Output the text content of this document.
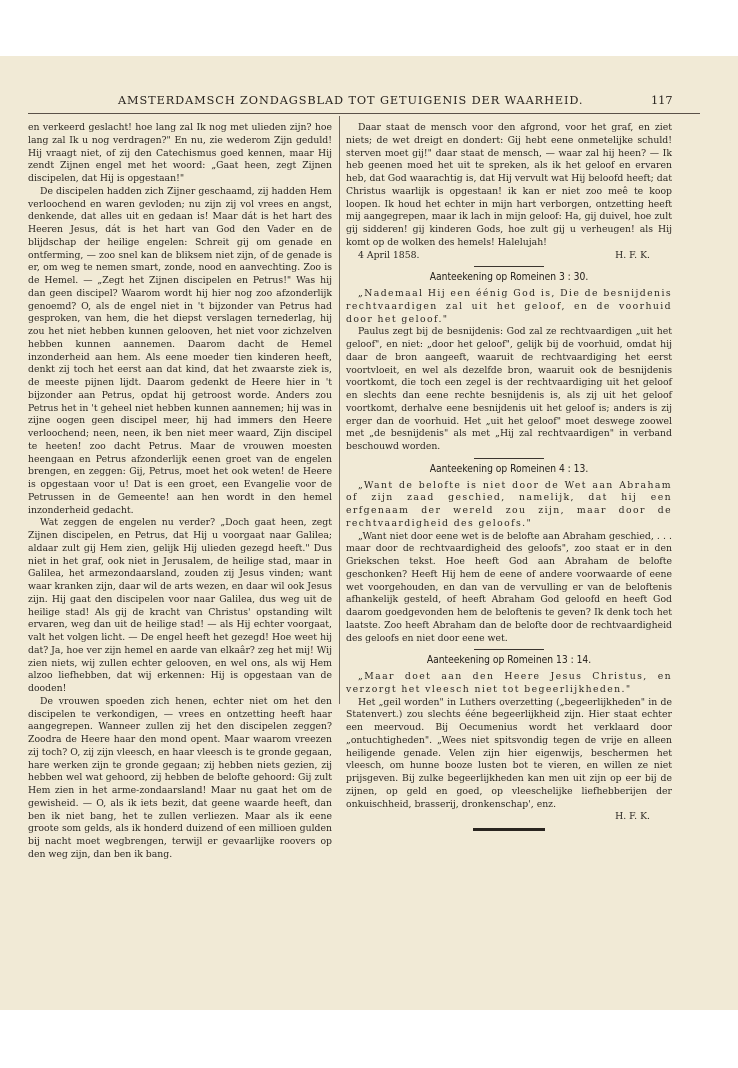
AMSTERDAMSCH ZONDAGSBLAD TOT GETUIGENIS DER WAARHEID.	117

en verkeerd geslacht! hoe lang zal Ik nog met ulieden zijn? hoe lang zal Ik u nog verdragen?" En nu, zie wederom Zijn geduld! Hij vraagt niet, of zij den Catechismus goed kennen, maar Hij zendt Zijnen engel met het woord: „Gaat heen, zegt Zijnen discipelen, dat Hij is opgestaan!"

De discipelen hadden zich Zijner geschaamd, zij hadden Hem verloochend en waren gevloden; nu zijn zij vol vrees en angst, denkende, dat alles uit en gedaan is! Maar dát is het hart des Heeren Jesus, dát is het hart van God den Vader en de blijdschap der heilige engelen: Schreit gij om genade en ontferming, — zoo snel kan de bliksem niet zijn, of de genade is er, om weg te nemen smart, zonde, nood en aanvechting. Zoo is de Hemel. — „Zegt het Zijnen discipelen en Petrus!" Was hij dan geen discipel? Waarom wordt hij hier nog zoo afzonderlijk genoemd? O, als de engel niet in 't bijzonder van Petrus had gesproken, van hem, die het diepst verslagen ternederlag, hij zou het niet hebben kunnen gelooven, het niet voor zichzelven hebben kunnen aannemen. Daarom dacht de Hemel inzonderheid aan hem. Als eene moeder tien kinderen heeft, denkt zij toch het eerst aan dat kind, dat het zwaarste ziek is, de meeste pijnen lijdt. Daarom gedenkt de Heere hier in 't bijzonder aan Petrus, opdat hij getroost worde. Anders zou Petrus het in 't geheel niet hebben kunnen aannemen; hij was in zijne oogen geen discipel meer, hij had immers den Heere verloochend; neen, neen, ik ben niet meer waard, Zijn discipel te heeten! zoo dacht Petrus. Maar de vrouwen moesten heengaan en Petrus afzonderlijk eenen groet van de engelen brengen, en zeggen: Gij, Petrus, moet het ook weten! de Heere is opgestaan voor u! Dat is een groet, een Evangelie voor de Petrussen in de Gemeente! aan hen wordt in den hemel inzonderheid gedacht.

Wat zeggen de engelen nu verder? „Doch gaat heen, zegt Zijnen discipelen, en Petrus, dat Hij u voorgaat naar Galilea; aldaar zult gij Hem zien, gelijk Hij ulieden gezegd heeft." Dus niet in het graf, ook niet in Jerusalem, de heilige stad, maar in Galilea, het armezondaarsland, zouden zij Jesus vinden; want waar kranken zijn, daar wil de arts wezen, en daar wil ook Jesus zijn. Hij gaat den discipelen voor naar Galilea, dus weg uit de heilige stad! Als gij de kracht van Christus' opstanding wilt ervaren, weg dan uit de heilige stad! — als Hij echter voorgaat, valt het volgen licht. — De engel heeft het gezegd! Hoe weet hij dat? Ja, hoe ver zijn hemel en aarde van elkaâr? zeg het mij! Wij zien niets, wij zullen echter gelooven, en wel ons, als wij Hem alzoo liefhebben, dat wij erkennen: Hij is opgestaan van de dooden!

De vrouwen spoeden zich henen, echter niet om het den discipelen te verkondigen, — vrees en ontzetting heeft haar aangegrepen. Wanneer zullen zij het den discipelen zeggen? Zoodra de Heere haar den mond opent. Maar waarom vreezen zij toch? O, zij zijn vleesch, en haar vleesch is te gronde gegaan, hare werken zijn te gronde gegaan; zij hebben niets gezien, zij hebben wel wat gehoord, zij hebben de belofte gehoord: Gij zult Hem zien in het arme-zondaarsland! Maar nu gaat het om de gewisheid. — O, als ik iets bezit, dat geene waarde heeft, dan ben ik niet bang, het te zullen verliezen. Maar als ik eene groote som gelds, als ik honderd duizend of een millioen gulden bij nacht moet wegbrengen, terwijl er gevaarlijke roovers op den weg zijn, dan ben ik bang.

Daar staat de mensch voor den afgrond, voor het graf, en ziet niets; de wet dreigt en dondert: Gij hebt eene onmetelijke schuld! sterven moet gij!" daar staat de mensch, — waar zal hij heen? — Ik heb geenen moed het uit te spreken, als ik het geloof en ervaren heb, dat God waarachtig is, dat Hij vervult wat Hij beloofd heeft; dat Christus waarlijk is opgestaan! ik kan er niet zoo meê te koop loopen. Ik houd het echter in mijn hart verborgen, ontzetting heeft mij aangegrepen, maar ik lach in mijn geloof: Ha, gij duivel, hoe zult gij sidderen! gij kinderen Gods, hoe zult gij u verheugen! als Hij komt op de wolken des hemels! Halelujah!

4 April 1858.	H. F. K.
Aanteekening op Romeinen 3 : 30.

„Nademaal Hij een éénig God is, Die de besnijdenis rechtvaardigen zal uit het geloof, en de voorhuid door het geloof."

Paulus zegt bij de besnijdenis: God zal ze rechtvaardigen „uit het geloof", en niet: „door het geloof", gelijk bij de voorhuid, omdat hij daar de bron aangeeft, waaruit de rechtvaardiging het eerst voortvloeit, en wel als dezelfde bron, waaruit ook de besnijdenis voortkomt, die toch een zegel is der rechtvaardiging uit het geloof en slechts dan eene rechte besnijdenis is, als zij uit het geloof voortkomt, derhalve eene besnijdenis uit het geloof is; anders is zij erger dan de voorhuid. Het „uit het geloof" moet deswege zoowel met „de besnijdenis" als met „Hij zal rechtvaardigen" in verband beschouwd worden.

Aanteekening op Romeinen 4 : 13.

„Want de belofte is niet door de Wet aan Abraham of zijn zaad geschied, namelijk, dat hij een erfgenaam der wereld zou zijn, maar door de rechtvaardigheid des geloofs."

„Want niet door eene wet is de belofte aan Abraham geschied, . . . maar door de rechtvaardigheid des geloofs", zoo staat er in den Griekschen tekst. Hoe heeft God aan Abraham de belofte geschonken? Heeft Hij hem de eene of andere voorwaarde of eene wet voorgehouden, en dan van de vervulling er van de beloftenis afhankelijk gesteld, of heeft Abraham God geloofd en heeft God daarom goedgevonden hem de beloftenis te geven? Ik denk toch het laatste. Zoo heeft Abraham dan de belofte door de rechtvaardigheid des geloofs en niet door eene wet.

Aanteekening op Romeinen 13 : 14.

„Maar doet aan den Heere Jesus Christus, en verzorgt het vleesch niet tot begeerlijkheden."

Het „geil worden" in Luthers overzetting („begeerlijkheden" in de Statenvert.) zou slechts ééne begeerlijkheid zijn. Hier staat echter een meervoud. Bij Oecumenius wordt het verklaard door „ontuchtigheden". „Wees niet spitsvondig tegen de vrije en alleen heiligende genade. Velen zijn hier eigenwijs, beschermen het vleesch, om hunne booze lusten bot te vieren, en willen ze niet prijsgeven. Bij zulke begeerlijkheden kan men uit zijn op eer bij de zijnen, op geld en goed, op vleeschelijke liefhebberijen der onkuischheid, brasserij, dronkenschap', enz.

H. F. K.
